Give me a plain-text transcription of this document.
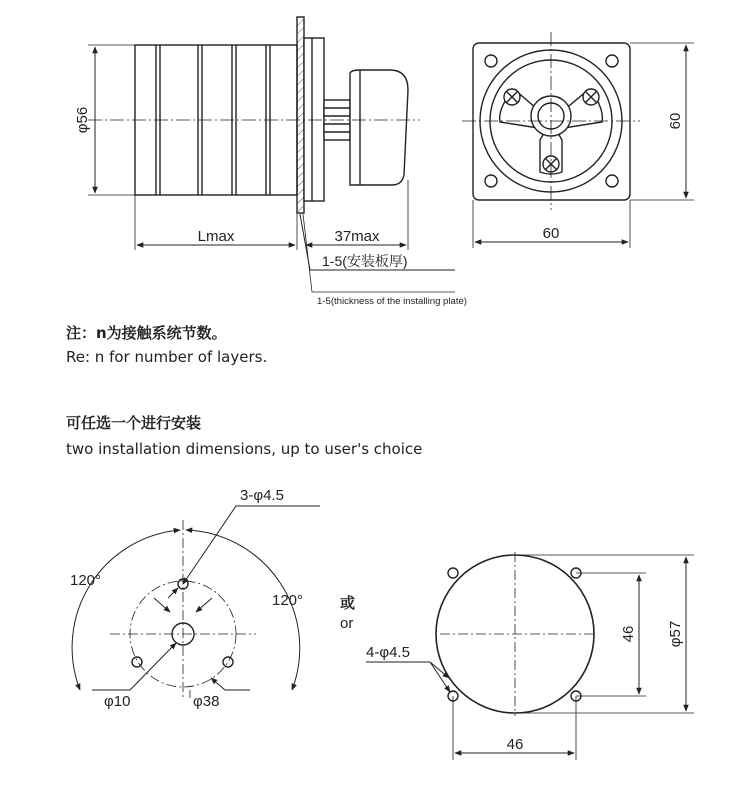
φ56
Lmax	37max
1-5(安装板厚)
1-5(thickness of the installing plate)
60
60
3-φ4.5
120°
120°
φ10	φ38
或
or
4-φ4.5
46 φ57
46
注：n为接触系统节数。
Re: n for number of layers.
可任选一个进行安装
two installation dimensions, up to user's choice
